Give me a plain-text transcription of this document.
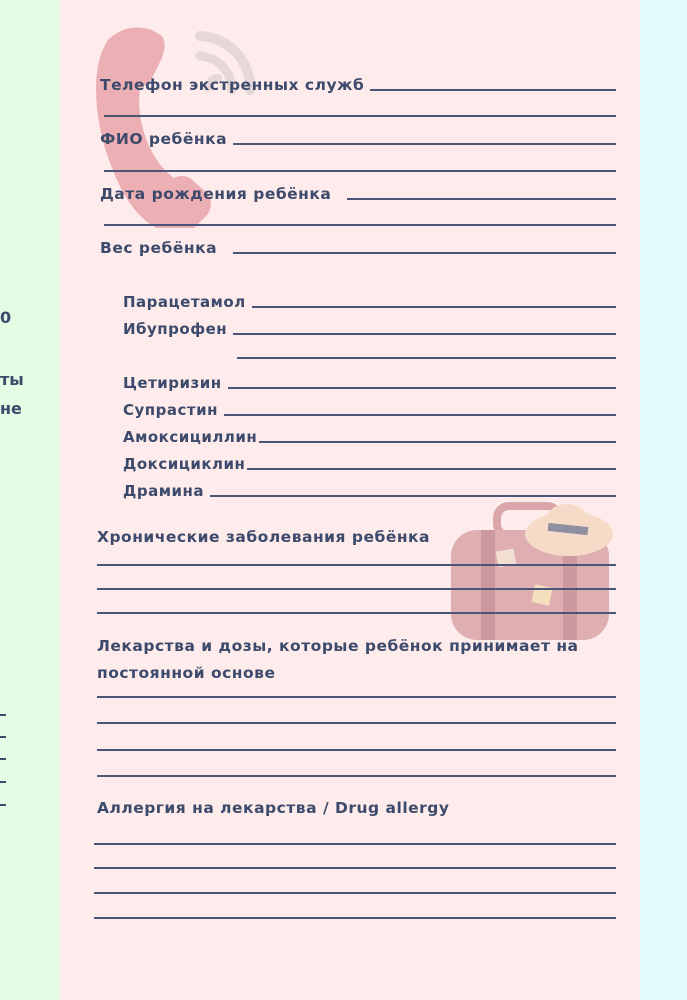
0
ты
не
Телефон экстренных служб
ФИО ребёнка
Дата рождения ребёнка
Вес ребёнка
Парацетамол
Ибупрофен
Цетиризин
Супрастин
Амоксициллин
Доксициклин
Драмина
Хронические заболевания ребёнка
Лекарства и дозы, которые ребёнок принимает на постоянной основе
Аллергия на лекарства / Drug allergy
